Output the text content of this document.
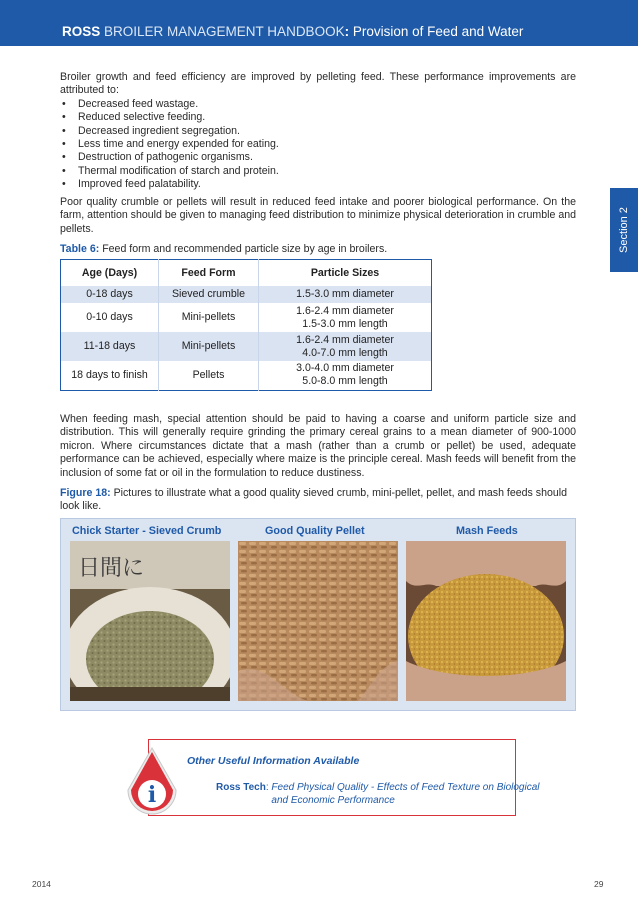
ROSS BROILER MANAGEMENT HANDBOOK: Provision of Feed and Water
Section 2

Broiler growth and feed efficiency are improved by pelleting feed. These performance improvements are attributed to:

• Decreased feed wastage.
• Reduced selective feeding.
• Decreased ingredient segregation.
• Less time and energy expended for eating.
• Destruction of pathogenic organisms.
• Thermal modification of starch and protein.
• Improved feed palatability.
Poor quality crumble or pellets will result in reduced feed intake and poorer biological performance. On the farm, attention should be given to managing feed distribution to minimize physical deterioration in crumble and pellets.
Table 6: Feed form and recommended particle size by age in broilers.
Age (Days)	Feed Form	Particle Sizes
0-18 days	Sieved crumble	1.5-3.0 mm diameter
0-10 days	Mini-pellets	1.6-2.4 mm diameter
1.5-3.0 mm length
11-18 days	Mini-pellets	1.6-2.4 mm diameter
4.0-7.0 mm length
18 days to finish	Pellets	3.0-4.0 mm diameter
5.0-8.0 mm length
When feeding mash, special attention should be paid to having a coarse and uniform particle size and distribution. This will generally require grinding the primary cereal grains to a mean diameter of 900-1000 micron. Where circumstances dictate that a mash (rather than a crumb or pellet) be used, adequate performance can be achieved, especially where maize is the principle cereal. Mash feeds will benefit from the inclusion of some fat or oil in the formulation to reduce dustiness.
Figure 18: Pictures to illustrate what a good quality sieved crumb, mini-pellet, pellet, and mash feeds should look like.
Chick Starter - Sieved Crumb	Good Quality Pellet	Mash Feeds
日間に
i
Other Useful Information Available
Ross Tech: Feed Physical Quality - Effects of Feed Texture on Biological and Economic Performance
2014	29
